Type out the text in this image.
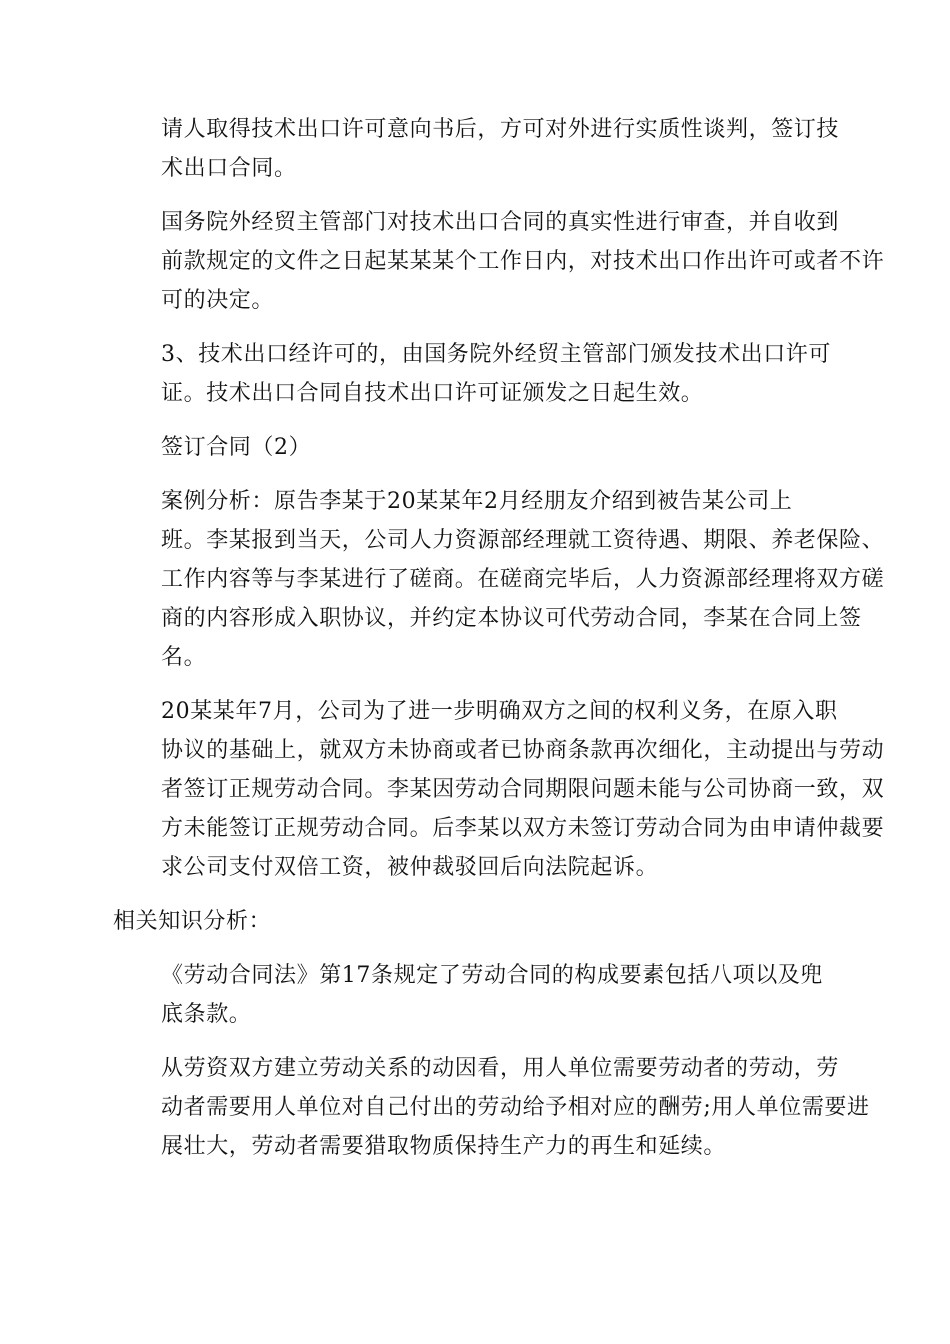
请人取得技术出口许可意向书后，方可对外进行实质性谈判，签订技
术出口合同。

国务院外经贸主管部门对技术出口合同的真实性进行审查，并自收到
前款规定的文件之日起某某某个工作日内，对技术出口作出许可或者不许
可的决定。

3、技术出口经许可的，由国务院外经贸主管部门颁发技术出口许可
证。技术出口合同自技术出口许可证颁发之日起生效。

签订合同（2）

案例分析：原告李某于20某某年2月经朋友介绍到被告某公司上
班。李某报到当天，公司人力资源部经理就工资待遇、期限、养老保险、
工作内容等与李某进行了磋商。在磋商完毕后，人力资源部经理将双方磋
商的内容形成入职协议，并约定本协议可代劳动合同，李某在合同上签
名。

20某某年7月，公司为了进一步明确双方之间的权利义务，在原入职
协议的基础上，就双方未协商或者已协商条款再次细化，主动提出与劳动
者签订正规劳动合同。李某因劳动合同期限问题未能与公司协商一致，双
方未能签订正规劳动合同。后李某以双方未签订劳动合同为由申请仲裁要
求公司支付双倍工资，被仲裁驳回后向法院起诉。

相关知识分析：

《劳动合同法》第17条规定了劳动合同的构成要素包括八项以及兜
底条款。

从劳资双方建立劳动关系的动因看，用人单位需要劳动者的劳动，劳
动者需要用人单位对自己付出的劳动给予相对应的酬劳;用人单位需要进
展壮大，劳动者需要猎取物质保持生产力的再生和延续。
